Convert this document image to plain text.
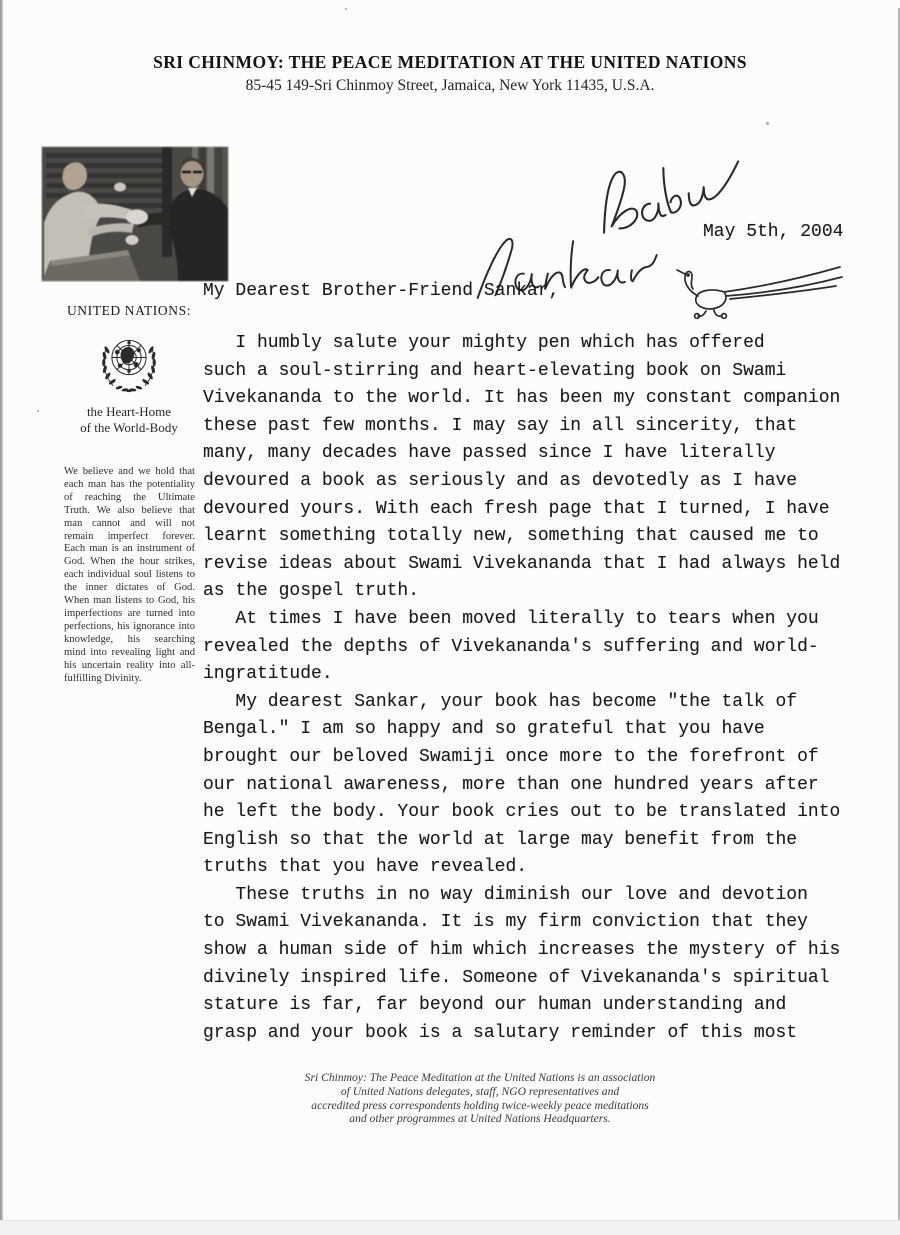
SRI CHINMOY: THE PEACE MEDITATION AT THE UNITED NATIONS
85-45 149-Sri Chinmoy Street, Jamaica, New York 11435, U.S.A.
UNITED NATIONS:
the Heart-Home
of the World-Body
We believe and we hold that each man has the potentiality of reaching the Ultimate Truth. We also believe that man cannot and will not remain imperfect forever. Each man is an instrument of God. When the hour strikes, each individual soul listens to the inner dictates of God. When man listens to God, his imperfections are turned into perfections, his ignorance into knowledge, his searching mind into revealing light and his uncertain reality into all-fulfilling Divinity.
May 5th, 2004
My Dearest Brother-Friend Sankar,
I humbly salute your mighty pen which has offered
such a soul-stirring and heart-elevating book on Swami
Vivekananda to the world. It has been my constant companion
these past few months. I may say in all sincerity, that
many, many decades have passed since I have literally
devoured a book as seriously and as devotedly as I have
devoured yours. With each fresh page that I turned, I have
learnt something totally new, something that caused me to
revise ideas about Swami Vivekananda that I had always held
as the gospel truth.
At times I have been moved literally to tears when you
revealed the depths of Vivekananda's suffering and world-
ingratitude.
My dearest Sankar, your book has become "the talk of
Bengal." I am so happy and so grateful that you have
brought our beloved Swamiji once more to the forefront of
our national awareness, more than one hundred years after
he left the body. Your book cries out to be translated into
English so that the world at large may benefit from the
truths that you have revealed.
These truths in no way diminish our love and devotion
to Swami Vivekananda. It is my firm conviction that they
show a human side of him which increases the mystery of his
divinely inspired life. Someone of Vivekananda's spiritual
stature is far, far beyond our human understanding and
grasp and your book is a salutary reminder of this most
Sri Chinmoy: The Peace Meditation at the United Nations is an association
of United Nations delegates, staff, NGO representatives and
accredited press correspondents holding twice-weekly peace meditations
and other programmes at United Nations Headquarters.
